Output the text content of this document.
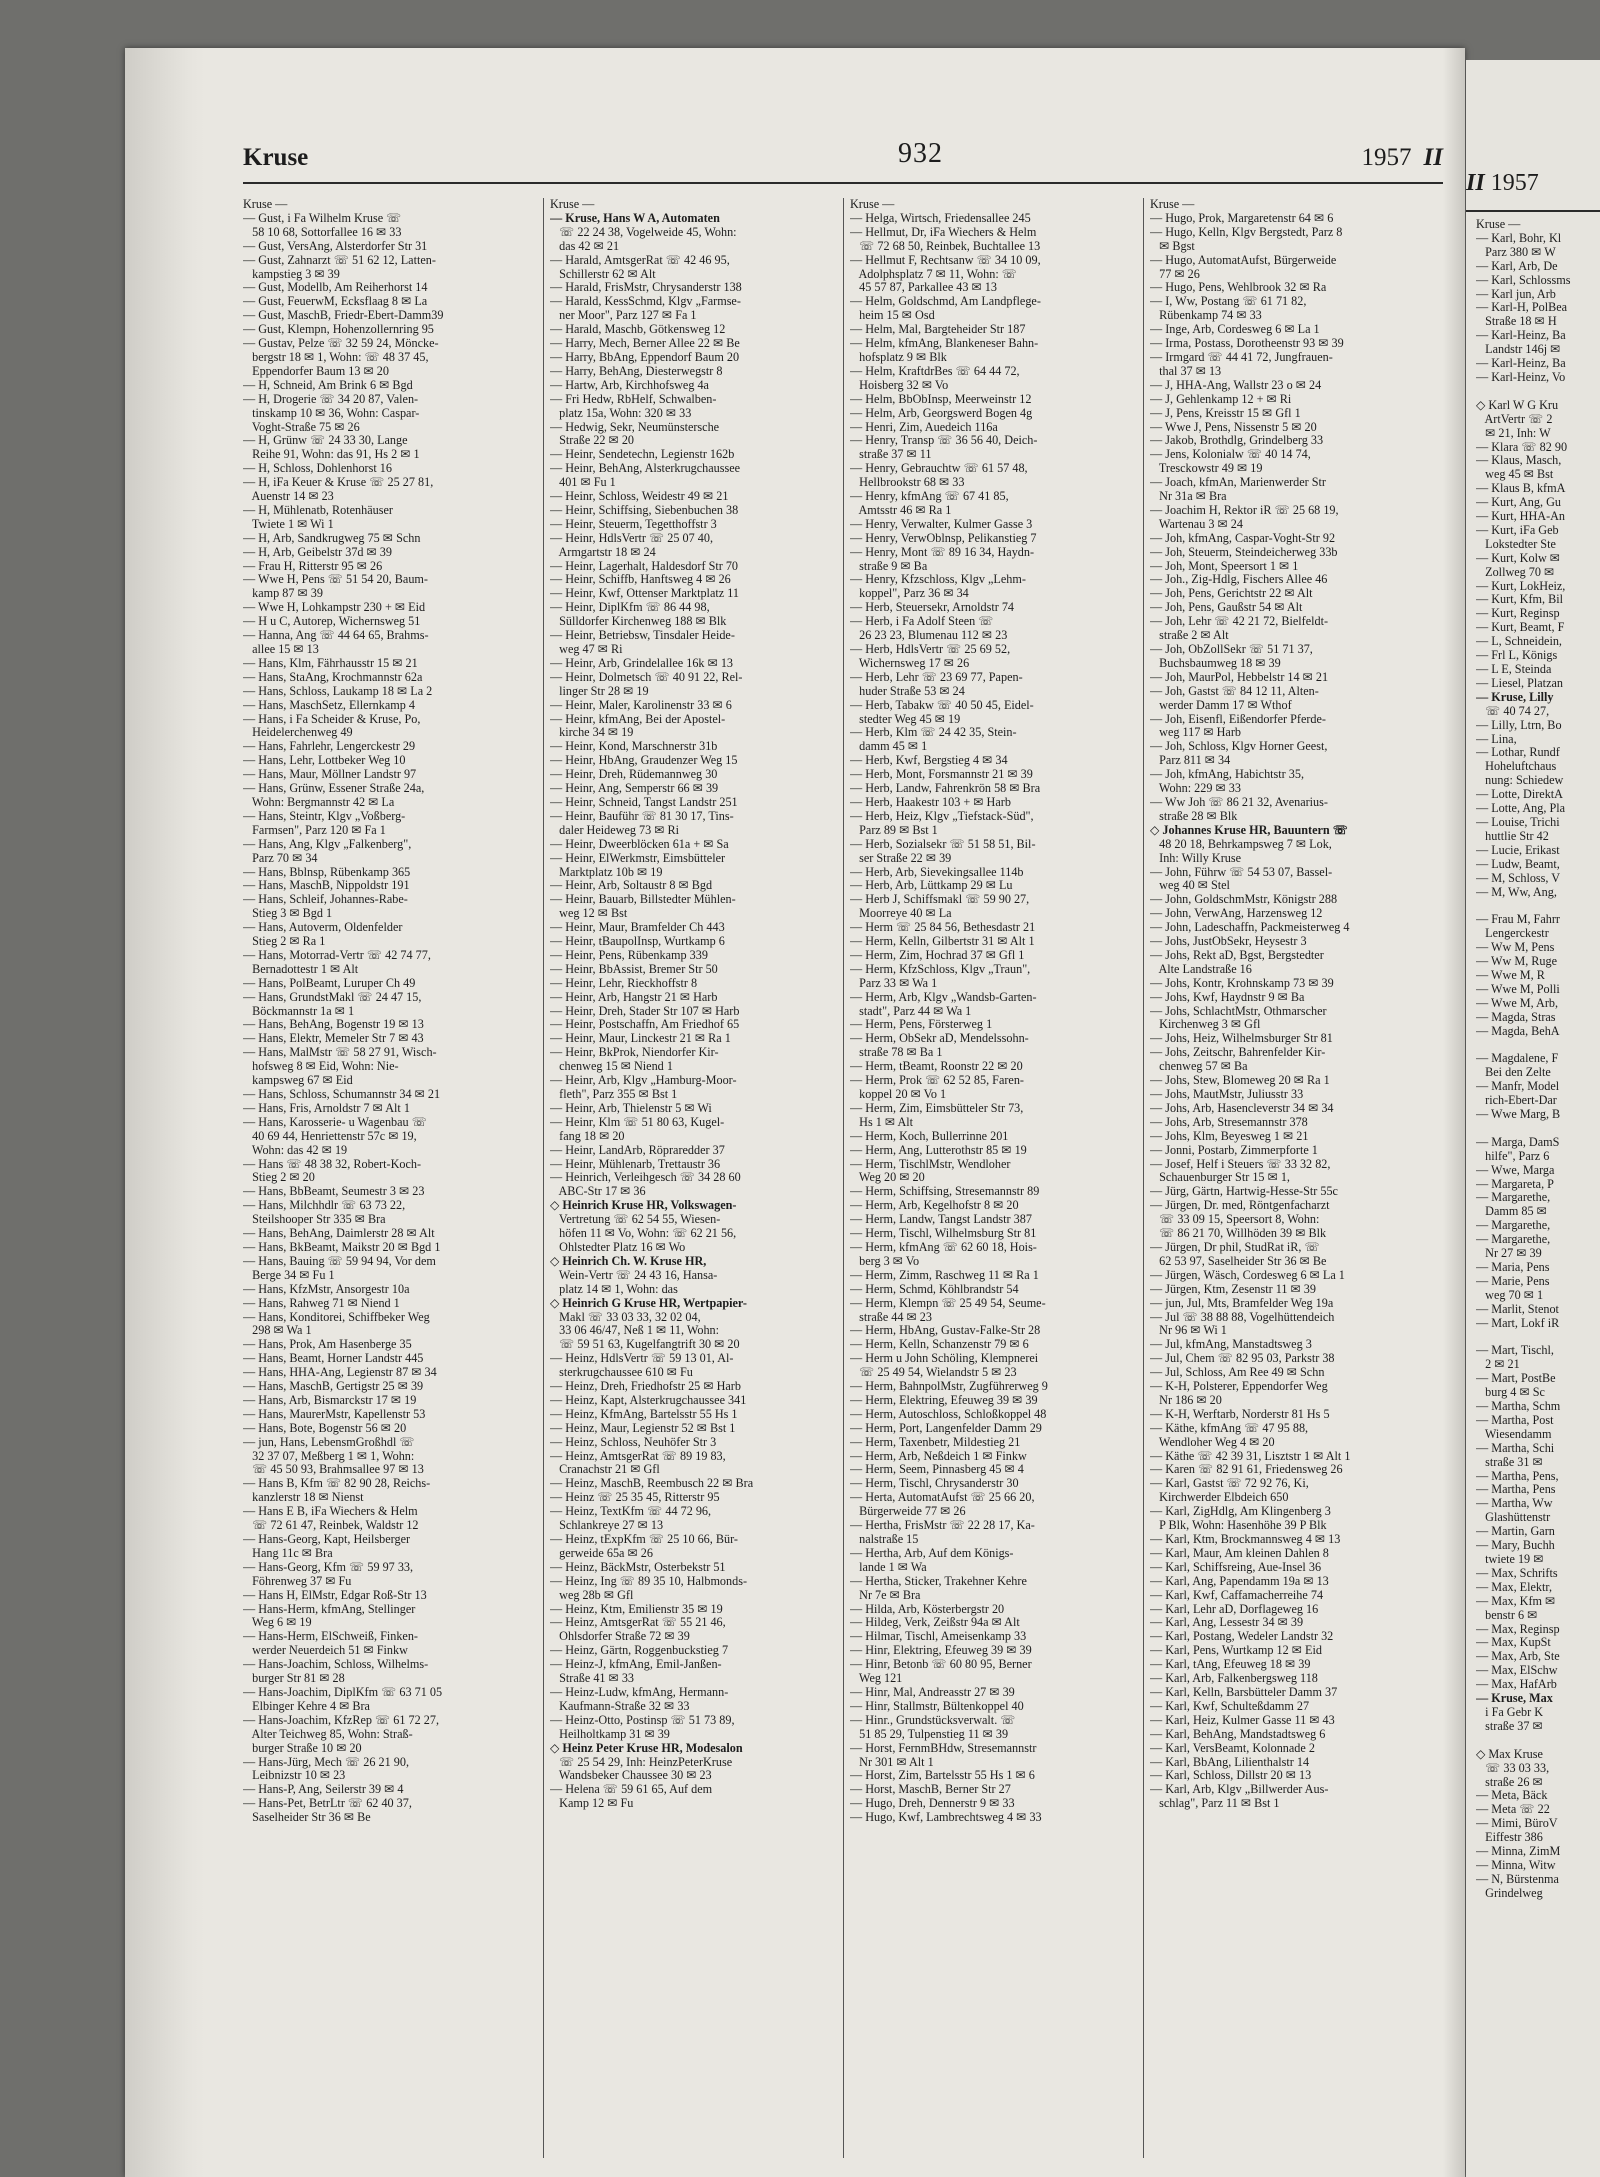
Kruse	932	1957 II
Kruse —
— Gust, i Fa Wilhelm Kruse ☏
58 10 68, Sottorfallee 16 ✉ 33
— Gust, VersAng, Alsterdorfer Str 31
— Gust, Zahnarzt ☏ 51 62 12, Latten-
kampstieg 3 ✉ 39
— Gust, Modellb, Am Reiherhorst 14
— Gust, FeuerwM, Ecksflaag 8 ✉ La
— Gust, MaschB, Friedr-Ebert-Damm39
— Gust, Klempn, Hohenzollernring 95
— Gustav, Pelze ☏ 32 59 24, Möncke-
bergstr 18 ✉ 1, Wohn: ☏ 48 37 45,
Eppendorfer Baum 13 ✉ 20
— H, Schneid, Am Brink 6 ✉ Bgd
— H, Drogerie ☏ 34 20 87, Valen-
tinskamp 10 ✉ 36, Wohn: Caspar-
Voght-Straße 75 ✉ 26
— H, Grünw ☏ 24 33 30, Lange
Reihe 91, Wohn: das 91, Hs 2 ✉ 1
— H, Schloss, Dohlenhorst 16
— H, iFa Keuer & Kruse ☏ 25 27 81,
Auenstr 14 ✉ 23
— H, Mühlenatb, Rotenhäuser
Twiete 1 ✉ Wi 1
— H, Arb, Sandkrugweg 75 ✉ Schn
— H, Arb, Geibelstr 37d ✉ 39
— Frau H, Ritterstr 95 ✉ 26
— Wwe H, Pens ☏ 51 54 20, Baum-
kamp 87 ✉ 39
— Wwe H, Lohkampstr 230 + ✉ Eid
— H u C, Autorep, Wichernsweg 51
— Hanna, Ang ☏ 44 64 65, Brahms-
allee 15 ✉ 13
— Hans, Klm, Fährhausstr 15 ✉ 21
— Hans, StaAng, Krochmannstr 62a
— Hans, Schloss, Laukamp 18 ✉ La 2
— Hans, MaschSetz, Ellernkamp 4
— Hans, i Fa Scheider & Kruse, Po,
Heidelerchenweg 49
— Hans, Fahrlehr, Lengerckestr 29
— Hans, Lehr, Lottbeker Weg 10
— Hans, Maur, Möllner Landstr 97
— Hans, Grünw, Essener Straße 24a,
Wohn: Bergmannstr 42 ✉ La
— Hans, Steintr, Klgv „Voßberg-
Farmsen", Parz 120 ✉ Fa 1
— Hans, Ang, Klgv „Falkenberg",
Parz 70 ✉ 34
— Hans, Bblnsp, Rübenkamp 365
— Hans, MaschB, Nippoldstr 191
— Hans, Schleif, Johannes-Rabe-
Stieg 3 ✉ Bgd 1
— Hans, Autoverm, Oldenfelder
Stieg 2 ✉ Ra 1
— Hans, Motorrad-Vertr ☏ 42 74 77,
Bernadottestr 1 ✉ Alt
— Hans, PolBeamt, Luruper Ch 49
— Hans, GrundstMakl ☏ 24 47 15,
Böckmannstr 1a ✉ 1
— Hans, BehAng, Bogenstr 19 ✉ 13
— Hans, Elektr, Memeler Str 7 ✉ 43
— Hans, MalMstr ☏ 58 27 91, Wisch-
hofsweg 8 ✉ Eid, Wohn: Nie-
kampsweg 67 ✉ Eid
— Hans, Schloss, Schumannstr 34 ✉ 21
— Hans, Fris, Arnoldstr 7 ✉ Alt 1
— Hans, Karosserie- u Wagenbau ☏
40 69 44, Henriettenstr 57c ✉ 19,
Wohn: das 42 ✉ 19
— Hans ☏ 48 38 32, Robert-Koch-
Stieg 2 ✉ 20
— Hans, BbBeamt, Seumestr 3 ✉ 23
— Hans, Milchhdlr ☏ 63 73 22,
Steilshooper Str 335 ✉ Bra
— Hans, BehAng, Daimlerstr 28 ✉ Alt
— Hans, BkBeamt, Maikstr 20 ✉ Bgd 1
— Hans, Bauing ☏ 59 94 94, Vor dem
Berge 34 ✉ Fu 1
— Hans, KfzMstr, Ansorgestr 10a
— Hans, Rahweg 71 ✉ Niend 1
— Hans, Konditorei, Schiffbeker Weg
298 ✉ Wa 1
— Hans, Prok, Am Hasenberge 35
— Hans, Beamt, Horner Landstr 445
— Hans, HHA-Ang, Legienstr 87 ✉ 34
— Hans, MaschB, Gertigstr 25 ✉ 39
— Hans, Arb, Bismarckstr 17 ✉ 19
— Hans, MaurerMstr, Kapellenstr 53
— Hans, Bote, Bogenstr 56 ✉ 20
— jun, Hans, LebensmGroßhdl ☏
32 37 07, Meßberg 1 ✉ 1, Wohn:
☏ 45 50 93, Brahmsallee 97 ✉ 13
— Hans B, Kfm ☏ 82 90 28, Reichs-
kanzlerstr 18 ✉ Nienst
— Hans E B, iFa Wiechers & Helm
☏ 72 61 47, Reinbek, Waldstr 12
— Hans-Georg, Kapt, Heilsberger
Hang 11c ✉ Bra
— Hans-Georg, Kfm ☏ 59 97 33,
Föhrenweg 37 ✉ Fu
— Hans H, ElMstr, Edgar Roß-Str 13
— Hans-Herm, kfmAng, Stellinger
Weg 6 ✉ 19
— Hans-Herm, ElSchweiß, Finken-
werder Neuerdeich 51 ✉ Finkw
— Hans-Joachim, Schloss, Wilhelms-
burger Str 81 ✉ 28
— Hans-Joachim, DiplKfm ☏ 63 71 05
Elbinger Kehre 4 ✉ Bra
— Hans-Joachim, KfzRep ☏ 61 72 27,
Alter Teichweg 85, Wohn: Straß-
burger Straße 10 ✉ 20
— Hans-Jürg, Mech ☏ 26 21 90,
Leibnizstr 10 ✉ 23
— Hans-P, Ang, Seilerstr 39 ✉ 4
— Hans-Pet, BetrLtr ☏ 62 40 37,
Saselheider Str 36 ✉ Be
Kruse —
— Kruse, Hans W A, Automaten
☏ 22 24 38, Vogelweide 45, Wohn:
das 42 ✉ 21
— Harald, AmtsgerRat ☏ 42 46 95,
Schillerstr 62 ✉ Alt
— Harald, FrisMstr, Chrysanderstr 138
— Harald, KessSchmd, Klgv „Farmse-
ner Moor", Parz 127 ✉ Fa 1
— Harald, Maschb, Götkensweg 12
— Harry, Mech, Berner Allee 22 ✉ Be
— Harry, BbAng, Eppendorf Baum 20
— Harry, BehAng, Diesterwegstr 8
— Hartw, Arb, Kirchhofsweg 4a
— Fri Hedw, RbHelf, Schwalben-
platz 15a, Wohn: 320 ✉ 33
— Hedwig, Sekr, Neumünstersche
Straße 22 ✉ 20
— Heinr, Sendetechn, Legienstr 162b
— Heinr, BehAng, Alsterkrugchaussee
401 ✉ Fu 1
— Heinr, Schloss, Weidestr 49 ✉ 21
— Heinr, Schiffsing, Siebenbuchen 38
— Heinr, Steuerm, Tegetthoffstr 3
— Heinr, HdlsVertr ☏ 25 07 40,
Armgartstr 18 ✉ 24
— Heinr, Lagerhalt, Haldesdorf Str 70
— Heinr, Schiffb, Hanftsweg 4 ✉ 26
— Heinr, Kwf, Ottenser Marktplatz 11
— Heinr, DiplKfm ☏ 86 44 98,
Sülldorfer Kirchenweg 188 ✉ Blk
— Heinr, Betriebsw, Tinsdaler Heide-
weg 47 ✉ Ri
— Heinr, Arb, Grindelallee 16k ✉ 13
— Heinr, Dolmetsch ☏ 40 91 22, Rel-
linger Str 28 ✉ 19
— Heinr, Maler, Karolinenstr 33 ✉ 6
— Heinr, kfmAng, Bei der Apostel-
kirche 34 ✉ 19
— Heinr, Kond, Marschnerstr 31b
— Heinr, HbAng, Graudenzer Weg 15
— Heinr, Dreh, Rüdemannweg 30
— Heinr, Ang, Semperstr 66 ✉ 39
— Heinr, Schneid, Tangst Landstr 251
— Heinr, Bauführ ☏ 81 30 17, Tins-
daler Heideweg 73 ✉ Ri
— Heinr, Dweerblöcken 61a + ✉ Sa
— Heinr, ElWerkmstr, Eimsbütteler
Marktplatz 10b ✉ 19
— Heinr, Arb, Soltaustr 8 ✉ Bgd
— Heinr, Bauarb, Billstedter Mühlen-
weg 12 ✉ Bst
— Heinr, Maur, Bramfelder Ch 443
— Heinr, tBaupolInsp, Wurtkamp 6
— Heinr, Pens, Rübenkamp 339
— Heinr, BbAssist, Bremer Str 50
— Heinr, Lehr, Rieckhoffstr 8
— Heinr, Arb, Hangstr 21 ✉ Harb
— Heinr, Dreh, Stader Str 107 ✉ Harb
— Heinr, Postschaffn, Am Friedhof 65
— Heinr, Maur, Linckestr 21 ✉ Ra 1
— Heinr, BkProk, Niendorfer Kir-
chenweg 15 ✉ Niend 1
— Heinr, Arb, Klgv „Hamburg-Moor-
fleth", Parz 355 ✉ Bst 1
— Heinr, Arb, Thielenstr 5 ✉ Wi
— Heinr, Klm ☏ 51 80 63, Kugel-
fang 18 ✉ 20
— Heinr, LandArb, Röpraredder 37
— Heinr, Mühlenarb, Trettaustr 36
— Heinrich, Verleihgesch ☏ 34 28 60
ABC-Str 17 ✉ 36
◇ Heinrich Kruse HR, Volkswagen-
Vertretung ☏ 62 54 55, Wiesen-
höfen 11 ✉ Vo, Wohn: ☏ 62 21 56,
Ohlstedter Platz 16 ✉ Wo
◇ Heinrich Ch. W. Kruse HR,
Wein-Vertr ☏ 24 43 16, Hansa-
platz 14 ✉ 1, Wohn: das
◇ Heinrich G Kruse HR, Wertpapier-
Makl ☏ 33 03 33, 32 02 04,
33 06 46/47, Neß 1 ✉ 11, Wohn:
☏ 59 51 63, Kugelfangtrift 30 ✉ 20
— Heinz, HdlsVertr ☏ 59 13 01, Al-
sterkrugchaussee 610 ✉ Fu
— Heinz, Dreh, Friedhofstr 25 ✉ Harb
— Heinz, Kapt, Alsterkrugchaussee 341
— Heinz, KfmAng, Bartelsstr 55 Hs 1
— Heinz, Maur, Legienstr 52 ✉ Bst 1
— Heinz, Schloss, Neuhöfer Str 3
— Heinz, AmtsgerRat ☏ 89 19 83,
Cranachstr 21 ✉ Gfl
— Heinz, MaschB, Reembusch 22 ✉ Bra
— Heinz ☏ 25 35 45, Ritterstr 95
— Heinz, TextKfm ☏ 44 72 96,
Schlankreye 27 ✉ 13
— Heinz, tExpKfm ☏ 25 10 66, Bür-
gerweide 65a ✉ 26
— Heinz, BäckMstr, Osterbekstr 51
— Heinz, Ing ☏ 89 35 10, Halbmonds-
weg 28b ✉ Gfl
— Heinz, Ktm, Emilienstr 35 ✉ 19
— Heinz, AmtsgerRat ☏ 55 21 46,
Ohlsdorfer Straße 72 ✉ 39
— Heinz, Gärtn, Roggenbuckstieg 7
— Heinz-J, kfmAng, Emil-Janßen-
Straße 41 ✉ 33
— Heinz-Ludw, kfmAng, Hermann-
Kaufmann-Straße 32 ✉ 33
— Heinz-Otto, Postinsp ☏ 51 73 89,
Heilholtkamp 31 ✉ 39
◇ Heinz Peter Kruse HR, Modesalon
☏ 25 54 29, Inh: HeinzPeterKruse
Wandsbeker Chaussee 30 ✉ 23
— Helena ☏ 59 61 65, Auf dem
Kamp 12 ✉ Fu
Kruse —
— Helga, Wirtsch, Friedensallee 245
— Hellmut, Dr, iFa Wiechers & Helm
☏ 72 68 50, Reinbek, Buchtallee 13
— Hellmut F, Rechtsanw ☏ 34 10 09,
Adolphsplatz 7 ✉ 11, Wohn: ☏
45 57 87, Parkallee 43 ✉ 13
— Helm, Goldschmd, Am Landpflege-
heim 15 ✉ Osd
— Helm, Mal, Bargteheider Str 187
— Helm, kfmAng, Blankeneser Bahn-
hofsplatz 9 ✉ Blk
— Helm, KraftdrBes ☏ 64 44 72,
Hoisberg 32 ✉ Vo
— Helm, BbObInsp, Meerweinstr 12
— Helm, Arb, Georgswerd Bogen 4g
— Henri, Zim, Auedeich 116a
— Henry, Transp ☏ 36 56 40, Deich-
straße 37 ✉ 11
— Henry, Gebrauchtw ☏ 61 57 48,
Hellbrookstr 68 ✉ 33
— Henry, kfmAng ☏ 67 41 85,
Amtsstr 46 ✉ Ra 1
— Henry, Verwalter, Kulmer Gasse 3
— Henry, VerwOblnsp, Pelikanstieg 7
— Henry, Mont ☏ 89 16 34, Haydn-
straße 9 ✉ Ba
— Henry, Kfzschloss, Klgv „Lehm-
koppel", Parz 36 ✉ 34
— Herb, Steuersekr, Arnoldstr 74
— Herb, i Fa Adolf Steen ☏
26 23 23, Blumenau 112 ✉ 23
— Herb, HdlsVertr ☏ 25 69 52,
Wichernsweg 17 ✉ 26
— Herb, Lehr ☏ 23 69 77, Papen-
huder Straße 53 ✉ 24
— Herb, Tabakw ☏ 40 50 45, Eidel-
stedter Weg 45 ✉ 19
— Herb, Klm ☏ 24 42 35, Stein-
damm 45 ✉ 1
— Herb, Kwf, Bergstieg 4 ✉ 34
— Herb, Mont, Forsmannstr 21 ✉ 39
— Herb, Landw, Fahrenkrön 58 ✉ Bra
— Herb, Haakestr 103 + ✉ Harb
— Herb, Heiz, Klgv „Tiefstack-Süd",
Parz 89 ✉ Bst 1
— Herb, Sozialsekr ☏ 51 58 51, Bil-
ser Straße 22 ✉ 39
— Herb, Arb, Sievekingsallee 114b
— Herb, Arb, Lüttkamp 29 ✉ Lu
— Herb J, Schiffsmakl ☏ 59 90 27,
Moorreye 40 ✉ La
— Herm ☏ 25 84 56, Bethesdastr 21
— Herm, Kelln, Gilbertstr 31 ✉ Alt 1
— Herm, Zim, Hochrad 37 ✉ Gfl 1
— Herm, KfzSchloss, Klgv „Traun",
Parz 33 ✉ Wa 1
— Herm, Arb, Klgv „Wandsb-Garten-
stadt", Parz 44 ✉ Wa 1
— Herm, Pens, Försterweg 1
— Herm, ObSekr aD, Mendelssohn-
straße 78 ✉ Ba 1
— Herm, tBeamt, Roonstr 22 ✉ 20
— Herm, Prok ☏ 62 52 85, Faren-
koppel 20 ✉ Vo 1
— Herm, Zim, Eimsbütteler Str 73,
Hs 1 ✉ Alt
— Herm, Koch, Bullerrinne 201
— Herm, Ang, Lutterothstr 85 ✉ 19
— Herm, TischlMstr, Wendloher
Weg 20 ✉ 20
— Herm, Schiffsing, Stresemannstr 89
— Herm, Arb, Kegelhofstr 8 ✉ 20
— Herm, Landw, Tangst Landstr 387
— Herm, Tischl, Wilhelmsburg Str 81
— Herm, kfmAng ☏ 62 60 18, Hois-
berg 3 ✉ Vo
— Herm, Zimm, Raschweg 11 ✉ Ra 1
— Herm, Schmd, Köhlbrandstr 54
— Herm, Klempn ☏ 25 49 54, Seume-
straße 44 ✉ 23
— Herm, HbAng, Gustav-Falke-Str 28
— Herm, Kelln, Schanzenstr 79 ✉ 6
— Herm u John Schöling, Klempnerei
☏ 25 49 54, Wielandstr 5 ✉ 23
— Herm, BahnpolMstr, Zugführerweg 9
— Herm, Elektring, Efeuweg 39 ✉ 39
— Herm, Autoschloss, Schloßkoppel 48
— Herm, Port, Langenfelder Damm 29
— Herm, Taxenbetr, Mildestieg 21
— Herm, Arb, Neßdeich 1 ✉ Finkw
— Herm, Seem, Pinnasberg 45 ✉ 4
— Herm, Tischl, Chrysanderstr 30
— Herta, AutomatAufst ☏ 25 66 20,
Bürgerweide 77 ✉ 26
— Hertha, FrisMstr ☏ 22 28 17, Ka-
nalstraße 15
— Hertha, Arb, Auf dem Königs-
lande 1 ✉ Wa
— Hertha, Sticker, Trakehner Kehre
Nr 7e ✉ Bra
— Hilda, Arb, Kösterbergstr 20
— Hildeg, Verk, Zeißstr 94a ✉ Alt
— Hilmar, Tischl, Ameisenkamp 33
— Hinr, Elektring, Efeuweg 39 ✉ 39
— Hinr, Betonb ☏ 60 80 95, Berner
Weg 121
— Hinr, Mal, Andreasstr 27 ✉ 39
— Hinr, Stallmstr, Bültenkoppel 40
— Hinr., Grundstücksverwalt. ☏
51 85 29, Tulpenstieg 11 ✉ 39
— Horst, FernmBHdw, Stresemannstr
Nr 301 ✉ Alt 1
— Horst, Zim, Bartelsstr 55 Hs 1 ✉ 6
— Horst, MaschB, Berner Str 27
— Hugo, Dreh, Dennerstr 9 ✉ 33
— Hugo, Kwf, Lambrechtsweg 4 ✉ 33
Kruse —
— Hugo, Prok, Margaretenstr 64 ✉ 6
— Hugo, Kelln, Klgv Bergstedt, Parz 8
✉ Bgst
— Hugo, AutomatAufst, Bürgerweide
77 ✉ 26
— Hugo, Pens, Wehlbrook 32 ✉ Ra
— I, Ww, Postang ☏ 61 71 82,
Rübenkamp 74 ✉ 33
— Inge, Arb, Cordesweg 6 ✉ La 1
— Irma, Postass, Dorotheenstr 93 ✉ 39
— Irmgard ☏ 44 41 72, Jungfrauen-
thal 37 ✉ 13
— J, HHA-Ang, Wallstr 23 o ✉ 24
— J, Gehlenkamp 12 + ✉ Ri
— J, Pens, Kreisstr 15 ✉ Gfl 1
— Wwe J, Pens, Nissenstr 5 ✉ 20
— Jakob, Brothdlg, Grindelberg 33
— Jens, Kolonialw ☏ 40 14 74,
Tresckowstr 49 ✉ 19
— Joach, kfmAn, Marienwerder Str
Nr 31a ✉ Bra
— Joachim H, Rektor iR ☏ 25 68 19,
Wartenau 3 ✉ 24
— Joh, kfmAng, Caspar-Voght-Str 92
— Joh, Steuerm, Steindeicherweg 33b
— Joh, Mont, Speersort 1 ✉ 1
— Joh., Zig-Hdlg, Fischers Allee 46
— Joh, Pens, Gerichtstr 22 ✉ Alt
— Joh, Pens, Gaußstr 54 ✉ Alt
— Joh, Lehr ☏ 42 21 72, Bielfeldt-
straße 2 ✉ Alt
— Joh, ObZollSekr ☏ 51 71 37,
Buchsbaumweg 18 ✉ 39
— Joh, MaurPol, Hebbelstr 14 ✉ 21
— Joh, Gastst ☏ 84 12 11, Alten-
werder Damm 17 ✉ Wthof
— Joh, Eisenfl, Eißendorfer Pferde-
weg 117 ✉ Harb
— Joh, Schloss, Klgv Horner Geest,
Parz 811 ✉ 34
— Joh, kfmAng, Habichtstr 35,
Wohn: 229 ✉ 33
— Ww Joh ☏ 86 21 32, Avenarius-
straße 28 ✉ Blk
◇ Johannes Kruse HR, Bauuntern ☏
48 20 18, Behrkampsweg 7 ✉ Lok,
Inh: Willy Kruse
— John, Führw ☏ 54 53 07, Bassel-
weg 40 ✉ Stel
— John, GoldschmMstr, Königstr 288
— John, VerwAng, Harzensweg 12
— John, Ladeschaffn, Packmeisterweg 4
— Johs, JustObSekr, Heysestr 3
— Johs, Rekt aD, Bgst, Bergstedter
Alte Landstraße 16
— Johs, Kontr, Krohnskamp 73 ✉ 39
— Johs, Kwf, Haydnstr 9 ✉ Ba
— Johs, SchlachtMstr, Othmarscher
Kirchenweg 3 ✉ Gfl
— Johs, Heiz, Wilhelmsburger Str 81
— Johs, Zeitschr, Bahrenfelder Kir-
chenweg 57 ✉ Ba
— Johs, Stew, Blomeweg 20 ✉ Ra 1
— Johs, MautMstr, Juliusstr 33
— Johs, Arb, Hasencleverstr 34 ✉ 34
— Johs, Arb, Stresemannstr 378
— Johs, Klm, Beyesweg 1 ✉ 21
— Jonni, Postarb, Zimmerpforte 1
— Josef, Helf i Steuers ☏ 33 32 82,
Schauenburger Str 15 ✉ 1,
— Jürg, Gärtn, Hartwig-Hesse-Str 55c
— Jürgen, Dr. med, Röntgenfacharzt
☏ 33 09 15, Speersort 8, Wohn:
☏ 86 21 70, Willhöden 39 ✉ Blk
— Jürgen, Dr phil, StudRat iR, ☏
62 53 97, Saselheider Str 36 ✉ Be
— Jürgen, Wäsch, Cordesweg 6 ✉ La 1
— Jürgen, Ktm, Zesenstr 11 ✉ 39
— jun, Jul, Mts, Bramfelder Weg 19a
— Jul ☏ 38 88 88, Vogelhüttendeich
Nr 96 ✉ Wi 1
— Jul, kfmAng, Manstadtsweg 3
— Jul, Chem ☏ 82 95 03, Parkstr 38
— Jul, Schloss, Am Ree 49 ✉ Schn
— K-H, Polsterer, Eppendorfer Weg
Nr 186 ✉ 20
— K-H, Werftarb, Norderstr 81 Hs 5
— Käthe, kfmAng ☏ 47 95 88,
Wendloher Weg 4 ✉ 20
— Käthe ☏ 42 39 31, Lisztstr 1 ✉ Alt 1
— Karen ☏ 82 91 61, Friedensweg 26
— Karl, Gastst ☏ 72 92 76, Ki,
Kirchwerder Elbdeich 650
— Karl, ZigHdlg, Am Klingenberg 3
P Blk, Wohn: Hasenhöhe 39 P Blk
— Karl, Ktm, Brockmannsweg 4 ✉ 13
— Karl, Maur, Am kleinen Dahlen 8
— Karl, Schiffsreing, Aue-Insel 36
— Karl, Ang, Papendamm 19a ✉ 13
— Karl, Kwf, Caffamacherreihe 74
— Karl, Lehr aD, Dorflageweg 16
— Karl, Ang, Lessestr 34 ✉ 39
— Karl, Postang, Wedeler Landstr 32
— Karl, Pens, Wurtkamp 12 ✉ Eid
— Karl, tAng, Efeuweg 18 ✉ 39
— Karl, Arb, Falkenbergsweg 118
— Karl, Kelln, Barsbütteler Damm 37
— Karl, Kwf, Schulteßdamm 27
— Karl, Heiz, Kulmer Gasse 11 ✉ 43
— Karl, BehAng, Mandstadtsweg 6
— Karl, VersBeamt, Kolonnade 2
— Karl, BbAng, Lilienthalstr 14
— Karl, Schloss, Dillstr 20 ✉ 13
— Karl, Arb, Klgv „Billwerder Aus-
schlag", Parz 11 ✉ Bst 1
II 1957
Kruse —
— Karl, Bohr, Kl
Parz 380 ✉ W
— Karl, Arb, De
— Karl, Schlossms
— Karl jun, Arb
— Karl-H, PolBea
Straße 18 ✉ H
— Karl-Heinz, Ba
Landstr 146j ✉
— Karl-Heinz, Ba
— Karl-Heinz, Vo

◇ Karl W G Kru
ArtVertr ☏ 2
✉ 21, Inh: W
— Klara ☏ 82 90
— Klaus, Masch,
weg 45 ✉ Bst
— Klaus B, kfmA
— Kurt, Ang, Gu
— Kurt, HHA-An
— Kurt, iFa Geb
Lokstedter Ste
— Kurt, Kolw ✉
Zollweg 70 ✉
— Kurt, LokHeiz,
— Kurt, Kfm, Bil
— Kurt, Reginsp
— Kurt, Beamt, F
— L, Schneidein,
— Frl L, Königs
— L E, Steinda
— Liesel, Platzan
— Kruse, Lilly
☏ 40 74 27,
— Lilly, Ltrn, Bo
— Lina,
— Lothar, Rundf
Hoheluftchaus
nung: Schiedew
— Lotte, DirektA
— Lotte, Ang, Pla
— Louise, Trichi
huttlie Str 42
— Lucie, Erikast
— Ludw, Beamt,
— M, Schloss, V
— M, Ww, Ang,

— Frau M, Fahrr
Lengerckestr
— Ww M, Pens
— Ww M, Ruge
— Wwe M, R
— Wwe M, Polli
— Wwe M, Arb,
— Magda, Stras
— Magda, BehA

— Magdalene, F
Bei den Zelte
— Manfr, Model
rich-Ebert-Dar
— Wwe Marg, B

— Marga, DamS
hilfe", Parz 6
— Wwe, Marga
— Margareta, P
— Margarethe,
Damm 85 ✉
— Margarethe,
— Margarethe,
Nr 27 ✉ 39
— Maria, Pens
— Marie, Pens
weg 70 ✉ 1
— Marlit, Stenot
— Mart, Lokf iR

— Mart, Tischl,
2 ✉ 21
— Mart, PostBe
burg 4 ✉ Sc
— Martha, Schm
— Martha, Post
Wiesendamm
— Martha, Schi
straße 31 ✉
— Martha, Pens,
— Martha, Pens
— Martha, Ww
Glashüttenstr
— Martin, Garn
— Mary, Buchh
twiete 19 ✉
— Max, Schrifts
— Max, Elektr,
— Max, Kfm ✉
benstr 6 ✉
— Max, Reginsp
— Max, KupSt
— Max, Arb, Ste
— Max, ElSchw
— Max, HafArb
— Kruse, Max
i Fa Gebr K
straße 37 ✉

◇ Max Kruse
☏ 33 03 33,
straße 26 ✉
— Meta, Bäck
— Meta ☏ 22
— Mimi, BüroV
Eiffestr 386
— Minna, ZimM
— Minna, Witw
— N, Bürstenma
Grindelweg
